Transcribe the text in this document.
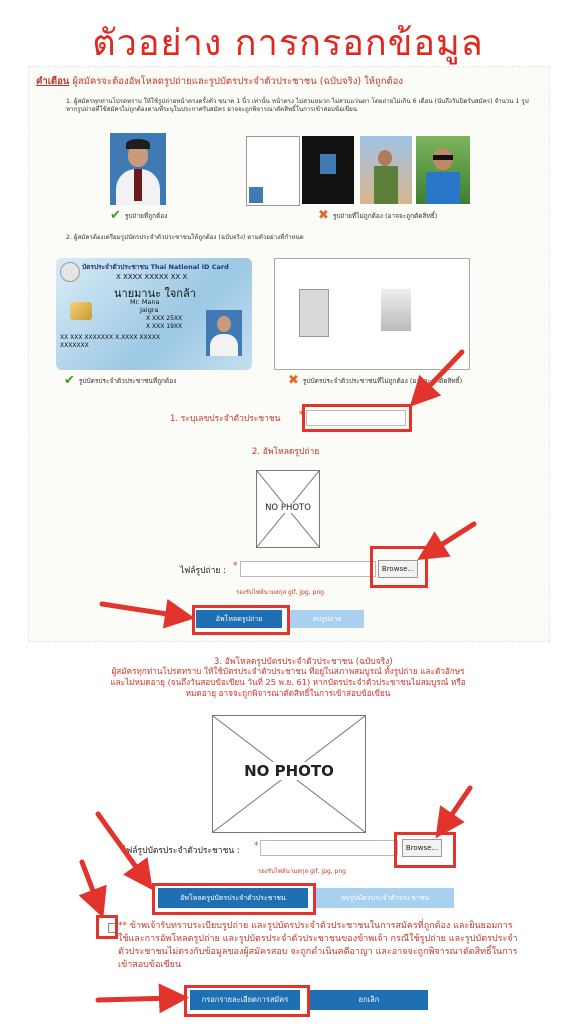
ตัวอย่าง การกรอกข้อมูล
คำเตือน ผู้สมัครจะต้องอัพโหลดรูปถ่ายและรูปบัตรประจำตัวประชาชน (ฉบับจริง) ให้ถูกต้อง
1. ผู้สมัครทุกท่านโปรดทราบ ให้ใช้รูปถ่ายหน้าตรงครั้งตัว ขนาด 1 นิ้ว เท่านั้น หน้าตรง ไม่สวมหมวก ไม่สวมแว่นตา โดยถ่ายไม่เกิน 6 เดือน (นับถึงวันปิดรับสมัคร) จำนวน 1 รูป หากรูปถ่ายที่ใช้สมัครไม่ถูกต้องตามที่ระบุในประกาศรับสมัคร อาจจะถูกพิจารณาตัดสิทธิ์ในการเข้าสอบข้อเขียน
✔ รูปถ่ายที่ถูกต้อง	✖ รูปถ่ายที่ไม่ถูกต้อง (อาจจะถูกตัดสิทธิ์)
2. ผู้สมัครต้องเตรียมรูปบัตรประจำตัวประชาชนให้ถูกต้อง (ฉบับจริง) ตามตัวอย่างที่กำหนด
บัตรประจำตัวประชาชน Thai National ID Card
X XXXX XXXXX XX X
นายมานะ ใจกล้า
Mr. Mana
Jaigra
X XXX 25XX
X XXX 19XX
XX XXX XXXXXXX X.XXXX XXXXX
XXXXXXX
✔ รูปบัตรประจำตัวประชาชนที่ถูกต้อง	✖ รูปบัตรประจำตัวประชาชนที่ไม่ถูกต้อง (อาจจะถูกตัดสิทธิ์)
1. ระบุเลขประจำตัวประชาชน *
2. อัพโหลดรูปถ่าย
NO PHOTO
ไฟล์รูปถ่าย : *	Browse...
รองรับไฟล์นามสกุล gif, jpg, png
อัพโหลดรูปถ่าย	ลบรูปถ่าย
3. อัพโหลดรูปบัตรประจำตัวประชาชน (ฉบับจริง)
ผู้สมัครทุกท่านโปรดทราบ ให้ใช้บัตรประจำตัวประชาชน ที่อยู่ในสภาพสมบูรณ์ ทั้งรูปถ่าย และตัวอักษร และไม่หมดอายุ (จนถึงวันสอบข้อเขียน วันที่ 25 พ.ย. 61) หากบัตรประจำตัวประชาชนไม่สมบูรณ์ หรือหมดอายุ อาจจะถูกพิจารณาตัดสิทธิ์ในการเข้าสอบข้อเขียน
NO PHOTO
ไฟล์รูปบัตรประจำตัวประชาชน : *	Browse...
รองรับไฟล์นามสกุล gif, jpg, png
อัพโหลดรูปบัตรประจำตัวประชาชน	ลบรูปบัตรประจำตัวประชาชน
** ข้าพเจ้ารับทราบระเบียบรูปถ่าย และรูปบัตรประจำตัวประชาชนในการสมัครที่ถูกต้อง และยินยอมการใช้และการอัพโหลดรูปถ่าย และรูปบัตรประจำตัวประชาชนของข้าพเจ้า กรณีใช้รูปถ่าย และรูปบัตรประจำตัวประชาชนไม่ตรงกับข้อมูลของผู้สมัครสอบ จะถูกดำเนินคดีอาญา และอาจจะถูกพิจารณาตัดสิทธิ์ในการเข้าสอบข้อเขียน
กรอกรายละเอียดการสมัคร	ยกเลิก
